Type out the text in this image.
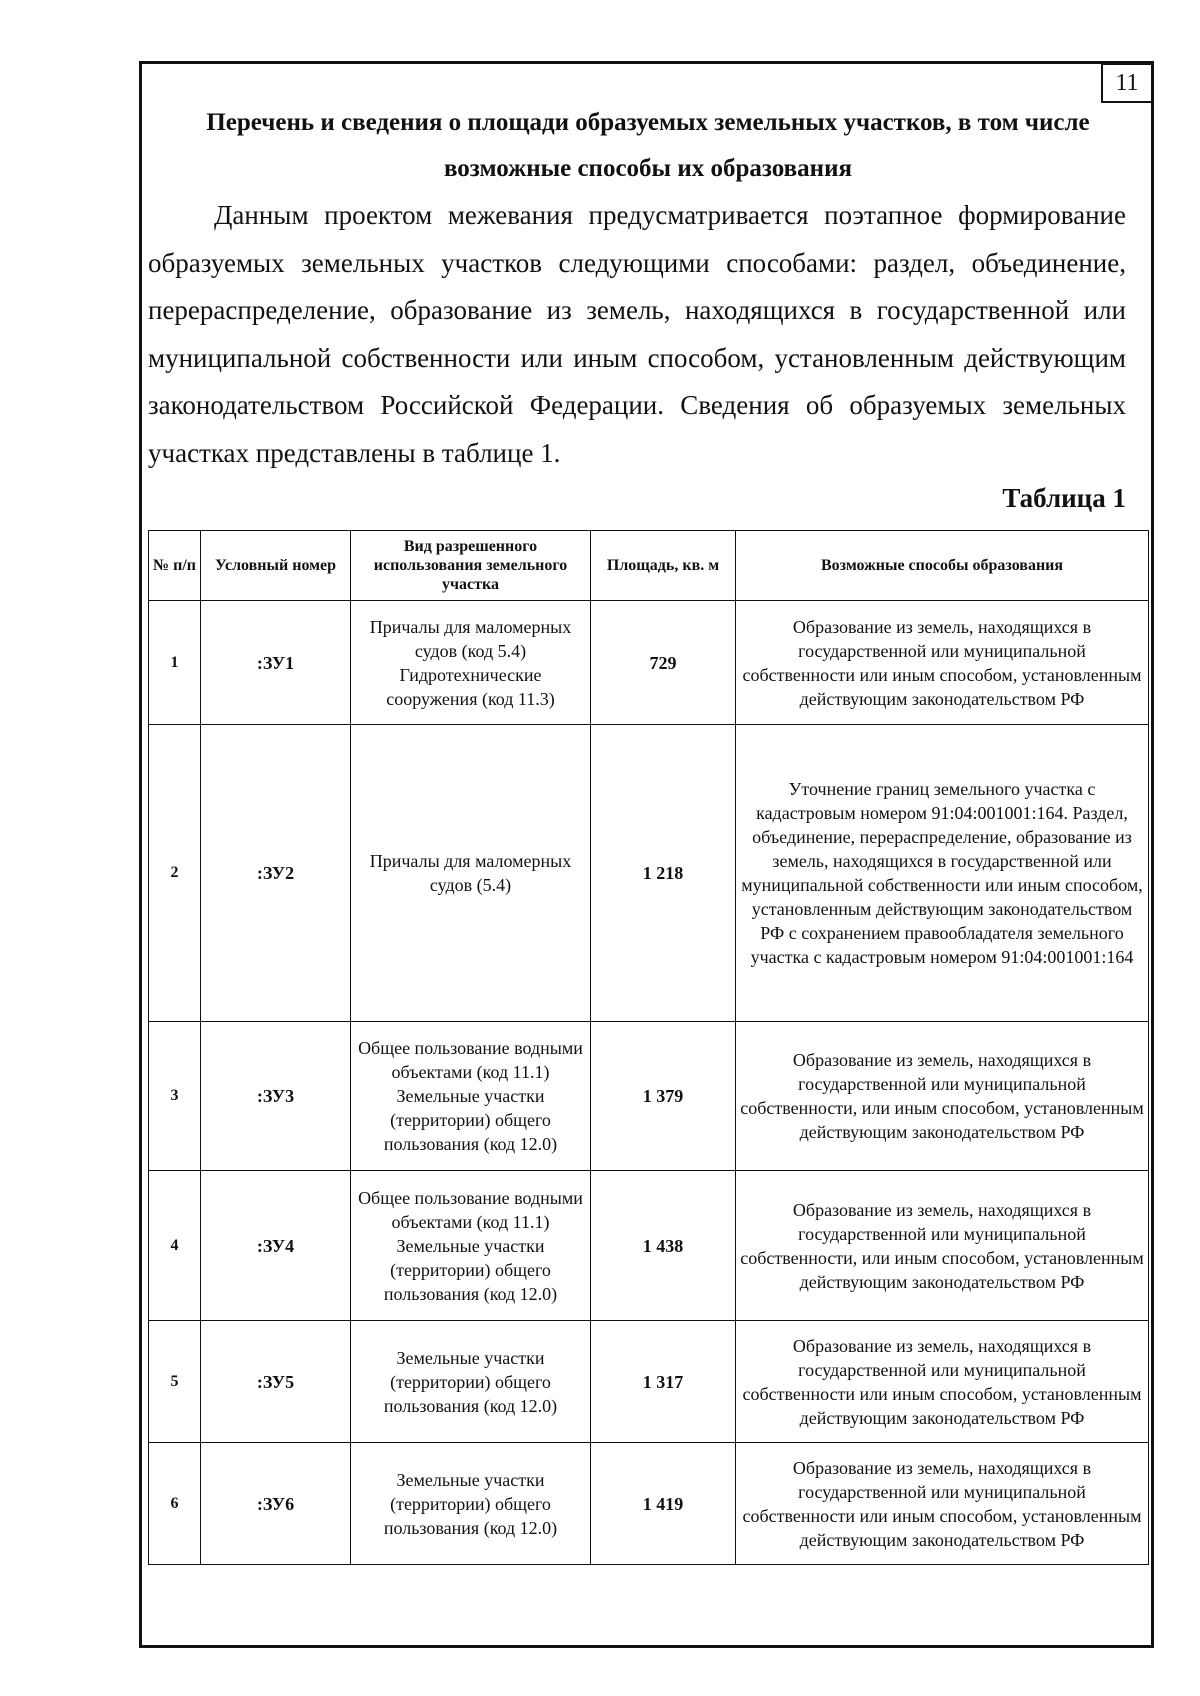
11
Перечень и сведения о площади образуемых земельных участков, в том числе возможные способы их образования

Данным проектом межевания предусматривается поэтапное формирование образуемых земельных участков следующими способами: раздел, объединение, перераспределение, образование из земель, находящихся в государственной или муниципальной собственности или иным способом, установленным действующим законодательством Российской Федерации. Сведения об образуемых земельных участках представлены в таблице 1.

Таблица 1

№ п/п	Условный номер	Вид разрешенного использования земельного участка	Площадь, кв. м	Возможные способы образования
1	:ЗУ1	Причалы для маломерных судов (код 5.4) Гидротехнические сооружения (код 11.3)	729	Образование из земель, находящихся в государственной или муниципальной собственности или иным способом, установленным действующим законодательством РФ
2	:ЗУ2	Причалы для маломерных судов (5.4)	1 218	Уточнение границ земельного участка с кадастровым номером 91:04:001001:164. Раздел, объединение, перераспределение, образование из земель, находящихся в государственной или муниципальной собственности или иным способом, установленным действующим законодательством РФ с сохранением правообладателя земельного участка с кадастровым номером 91:04:001001:164
3	:ЗУ3	Общее пользование водными объектами (код 11.1) Земельные участки (территории) общего пользования (код 12.0)	1 379	Образование из земель, находящихся в государственной или муниципальной собственности, или иным способом, установленным действующим законодательством РФ
4	:ЗУ4	Общее пользование водными объектами (код 11.1) Земельные участки (территории) общего пользования (код 12.0)	1 438	Образование из земель, находящихся в государственной или муниципальной собственности, или иным способом, установленным действующим законодательством РФ
5	:ЗУ5	Земельные участки (территории) общего пользования (код 12.0)	1 317	Образование из земель, находящихся в государственной или муниципальной собственности или иным способом, установленным действующим законодательством РФ
6	:ЗУ6	Земельные участки (территории) общего пользования (код 12.0)	1 419	Образование из земель, находящихся в государственной или муниципальной собственности или иным способом, установленным действующим законодательством РФ
